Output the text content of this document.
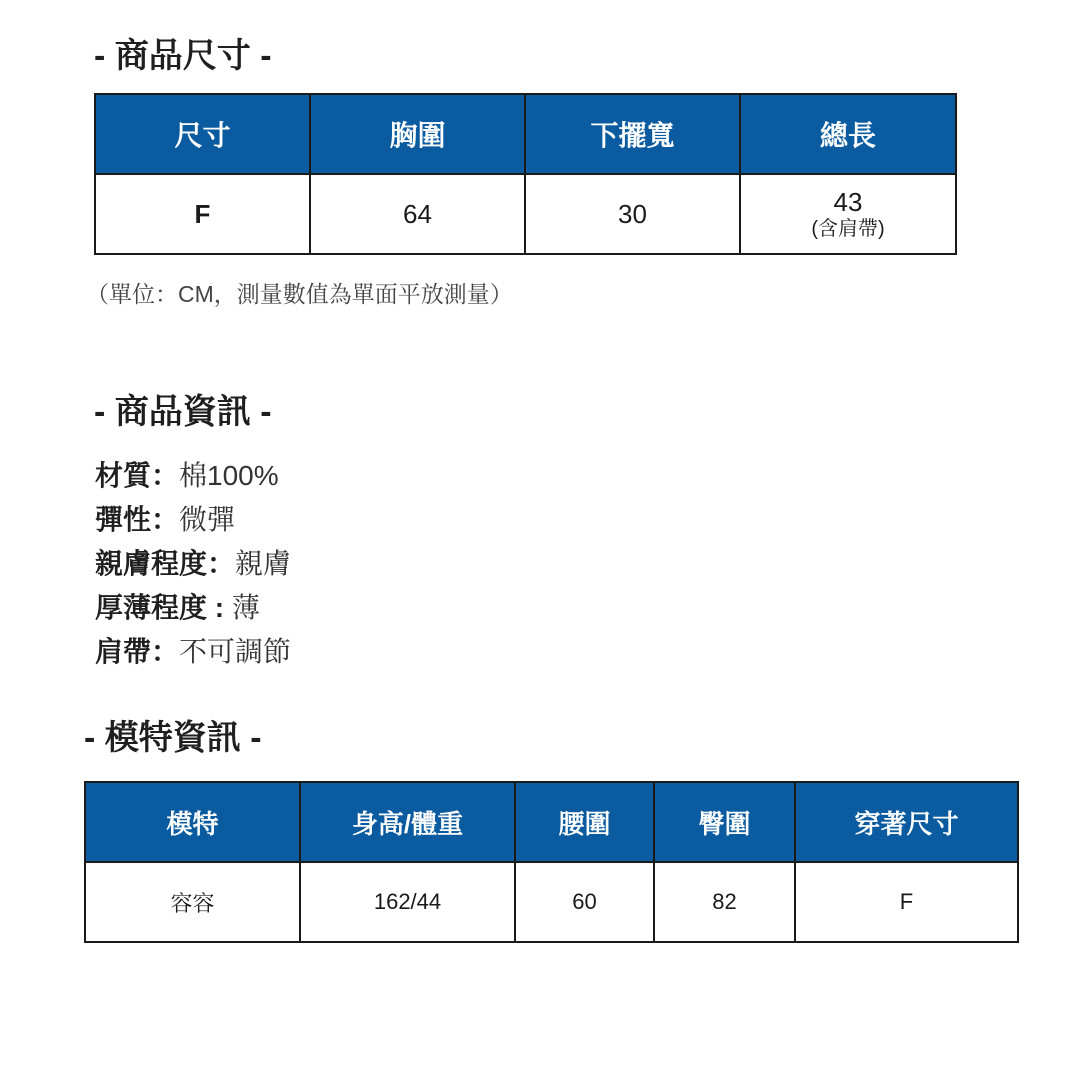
- 商品尺寸 -
尺寸	胸圍	下擺寬	總長
F	64	30	43
(含肩帶)
（單位：CM，測量數值為單面平放測量）
- 商品資訊 -
材質：棉100%
彈性：微彈
親膚程度：親膚
厚薄程度 : 薄
肩帶：不可調節
- 模特資訊 -
模特	身高/體重	腰圍	臀圍	穿著尺寸
容容	162/44	60	82	F
